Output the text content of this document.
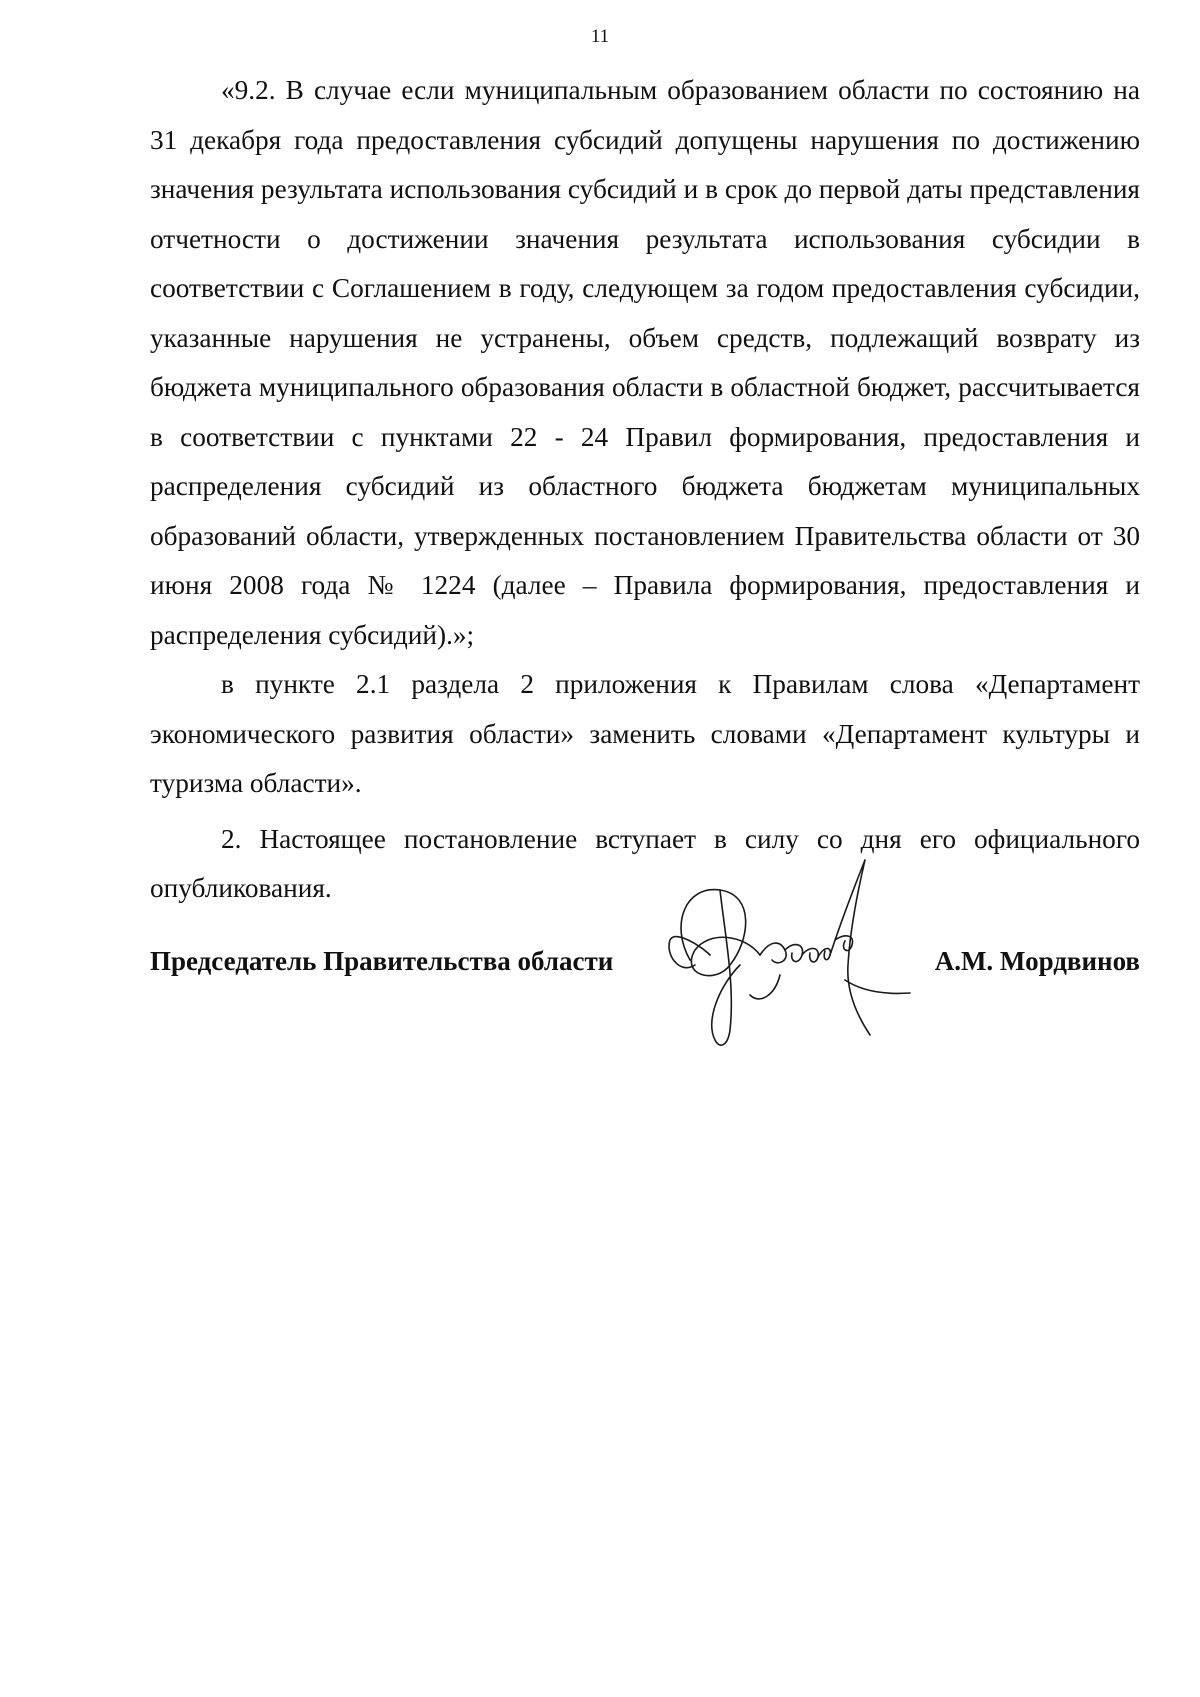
11

«9.2. В случае если муниципальным образованием области по состоянию на 31 декабря года предоставления субсидий допущены нарушения по достижению значения результата использования субсидий и в срок до первой даты представления отчетности о достижении значения результата использования субсидии в соответствии с Соглашением в году, следующем за годом предоставления субсидии, указанные нарушения не устранены, объем средств, подлежащий возврату из бюджета муниципального образования области в областной бюджет, рассчитывается в соответствии с пунктами 22 - 24 Правил формирования, предоставления и распределения субсидий из областного бюджета бюджетам муниципальных образований области, утвержденных постановлением Правительства области от 30 июня 2008 года № 1224 (далее – Правила формирования, предоставления и распределения субсидий).»;

в пункте 2.1 раздела 2 приложения к Правилам слова «Департамент экономического развития области» заменить словами «Департамент культуры и туризма области».

2. Настоящее постановление вступает в силу со дня его официального опубликования.

Председатель Правительства области	А.М. Мордвинов
